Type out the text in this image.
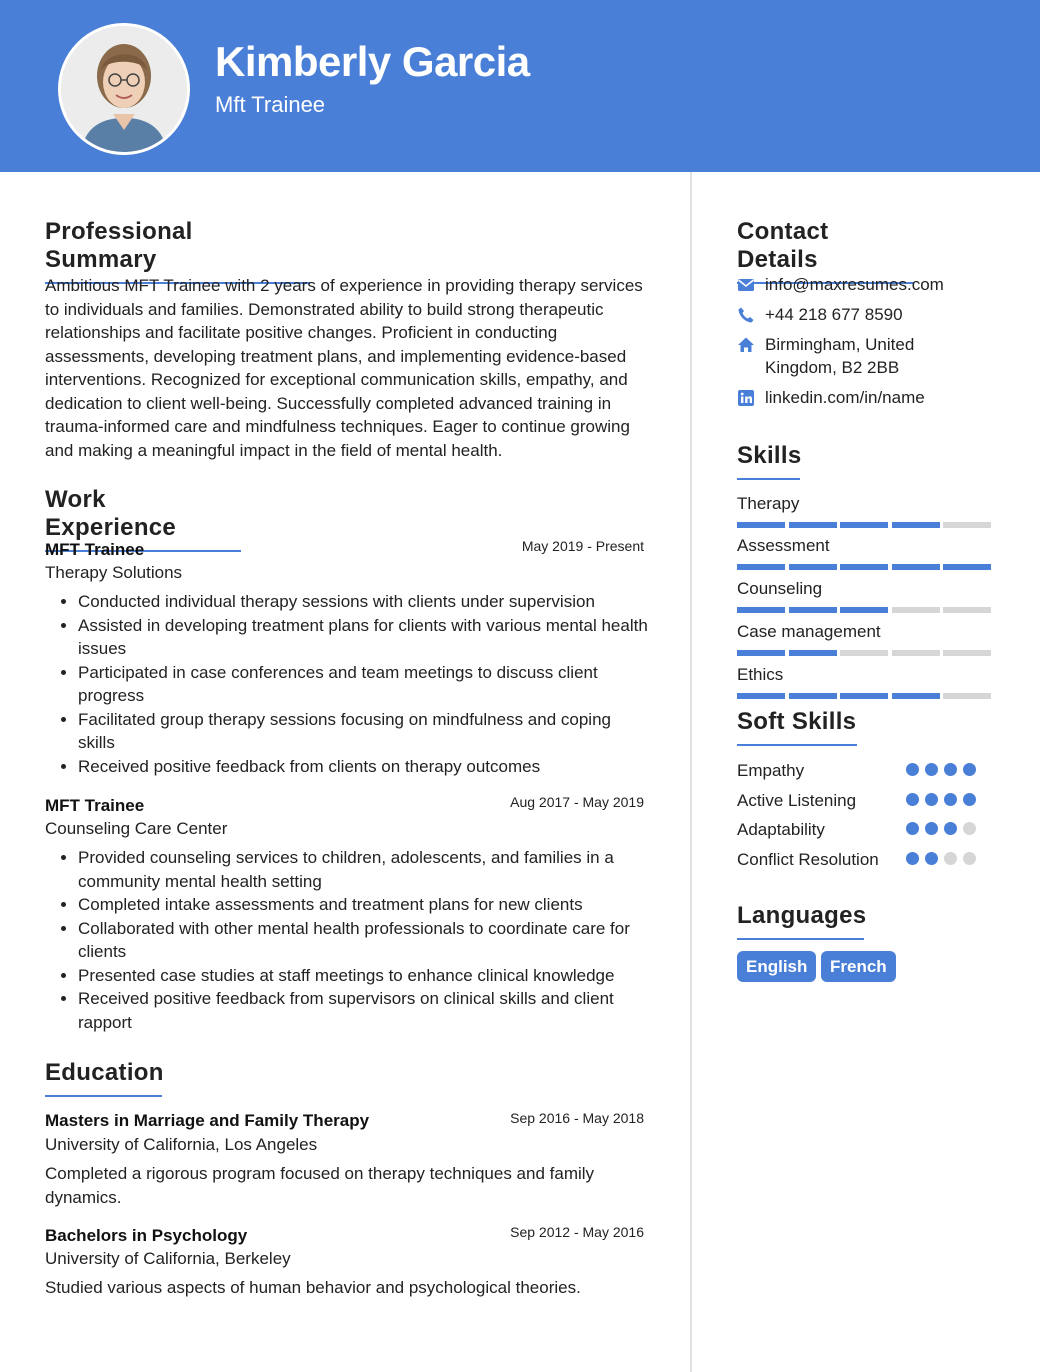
Kimberly Garcia
Mft Trainee
Professional Summary
Ambitious MFT Trainee with 2 years of experience in providing therapy services to individuals and families. Demonstrated ability to build strong therapeutic relationships and facilitate positive changes. Proficient in conducting assessments, developing treatment plans, and implementing evidence-based interventions. Recognized for exceptional communication skills, empathy, and dedication to client well-being. Successfully completed advanced training in trauma-informed care and mindfulness techniques. Eager to continue growing and making a meaningful impact in the field of mental health.
Work Experience
MFT Trainee	May 2019 - Present
Therapy Solutions
• Conducted individual therapy sessions with clients under supervision
• Assisted in developing treatment plans for clients with various mental health issues
• Participated in case conferences and team meetings to discuss client progress
• Facilitated group therapy sessions focusing on mindfulness and coping skills
• Received positive feedback from clients on therapy outcomes
MFT Trainee	Aug 2017 - May 2019
Counseling Care Center
• Provided counseling services to children, adolescents, and families in a community mental health setting
• Completed intake assessments and treatment plans for new clients
• Collaborated with other mental health professionals to coordinate care for clients
• Presented case studies at staff meetings to enhance clinical knowledge
• Received positive feedback from supervisors on clinical skills and client rapport
Education
Masters in Marriage and Family Therapy	Sep 2016 - May 2018
University of California, Los Angeles
Completed a rigorous program focused on therapy techniques and family dynamics.
Bachelors in Psychology	Sep 2012 - May 2016
University of California, Berkeley
Studied various aspects of human behavior and psychological theories.
Contact Details
info@maxresumes.com
+44 218 677 8590
Birmingham, United Kingdom, B2 2BB
linkedin.com/in/name
Skills
Therapy
Assessment
Counseling
Case management
Ethics
Soft Skills
Empathy
Active Listening
Adaptability
Conflict Resolution
Languages
English	French
